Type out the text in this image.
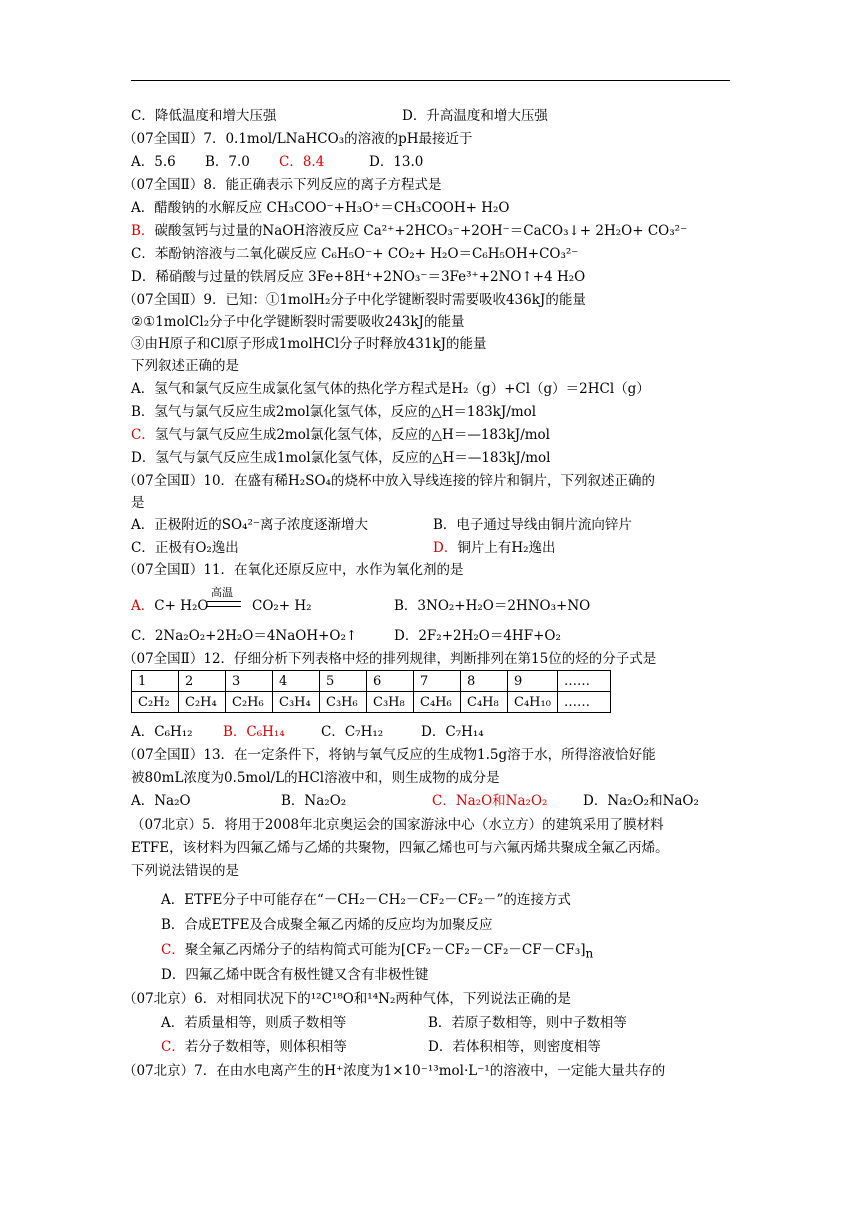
C．降低温度和增大压强	D．升高温度和增大压强
（07全国Ⅱ）7．0.1mol/LNaHCO₃的溶液的pH最接近于
A．5.6 B．7.0 C．8.4	D．13.0
（07全国Ⅱ）8．能正确表示下列反应的离子方程式是
A．醋酸钠的水解反应 CH₃COO⁻+H₃O⁺＝CH₃COOH+ H₂O
B．碳酸氢钙与过量的NaOH溶液反应 Ca²⁺+2HCO₃⁻+2OH⁻＝CaCO₃↓+ 2H₂O+ CO₃²⁻
C．苯酚钠溶液与二氧化碳反应 C₆H₅O⁻+ CO₂+ H₂O＝C₆H₅OH+CO₃²⁻
D．稀硝酸与过量的铁屑反应 3Fe+8H⁺+2NO₃⁻＝3Fe³⁺+2NO↑+4 H₂O
（07全国Ⅱ）9．已知：①1molH₂分子中化学键断裂时需要吸收436kJ的能量
②①1molCl₂分子中化学键断裂时需要吸收243kJ的能量
③由H原子和Cl原子形成1molHCl分子时释放431kJ的能量
下列叙述正确的是
A．氢气和氯气反应生成氯化氢气体的热化学方程式是H₂（g）+Cl（g）＝2HCl（g）
B．氢气与氯气反应生成2mol氯化氢气体，反应的△H＝183kJ/mol
C．氢气与氯气反应生成2mol氯化氢气体，反应的△H＝—183kJ/mol
D．氢气与氯气反应生成1mol氯化氢气体，反应的△H＝—183kJ/mol
（07全国Ⅱ）10．在盛有稀H₂SO₄的烧杯中放入导线连接的锌片和铜片，下列叙述正确的
是
A．正极附近的SO₄²⁻离子浓度逐渐增大	B．电子通过导线由铜片流向锌片
C．正极有O₂逸出	D．铜片上有H₂逸出
（07全国Ⅱ）11．在氧化还原反应中，水作为氧化剂的是
A．C+ H₂O
高温
CO₂+ H₂	B．3NO₂+H₂O＝2HNO₃+NO
C．2Na₂O₂+2H₂O＝4NaOH+O₂↑	D．2F₂+2H₂O＝4HF+O₂
（07全国Ⅱ）12．仔细分析下列表格中烃的排列规律，判断排列在第15位的烃的分子式是
1	2	3	4	5	6	7	8	9	……
C₂H₂	C₂H₄	C₂H₆	C₃H₄	C₃H₆	C₃H₈	C₄H₆	C₄H₈	C₄H₁₀	……
A．C₆H₁₂ B．C₆H₁₄	C．C₇H₁₂	D．C₇H₁₄
（07全国Ⅱ）13．在一定条件下，将钠与氧气反应的生成物1.5g溶于水，所得溶液恰好能
被80mL浓度为0.5mol/L的HCl溶液中和，则生成物的成分是
A．Na₂O	B．Na₂O₂	C．Na₂O和Na₂O₂	D．Na₂O₂和NaO₂
（07北京）5．将用于2008年北京奥运会的国家游泳中心（水立方）的建筑采用了膜材料
ETFE，该材料为四氟乙烯与乙烯的共聚物，四氟乙烯也可与六氟丙烯共聚成全氟乙丙烯。
下列说法错误的是
A．ETFE分子中可能存在“－CH₂－CH₂－CF₂－CF₂－”的连接方式
B．合成ETFE及合成聚全氟乙丙烯的反应均为加聚反应
C．聚全氟乙丙烯分子的结构简式可能为$[CF_2-CF_2-CF_2-CF-CF_3]_n$
D．四氟乙烯中既含有极性键又含有非极性键
（07北京）6．对相同状况下的¹²C¹⁸O和¹⁴N₂两种气体，下列说法正确的是
A．若质量相等，则质子数相等	B．若原子数相等，则中子数相等
C．若分子数相等，则体积相等	D．若体积相等，则密度相等
（07北京）7．在由水电离产生的H⁺浓度为1×10⁻¹³mol·L⁻¹的溶液中，一定能大量共存的
